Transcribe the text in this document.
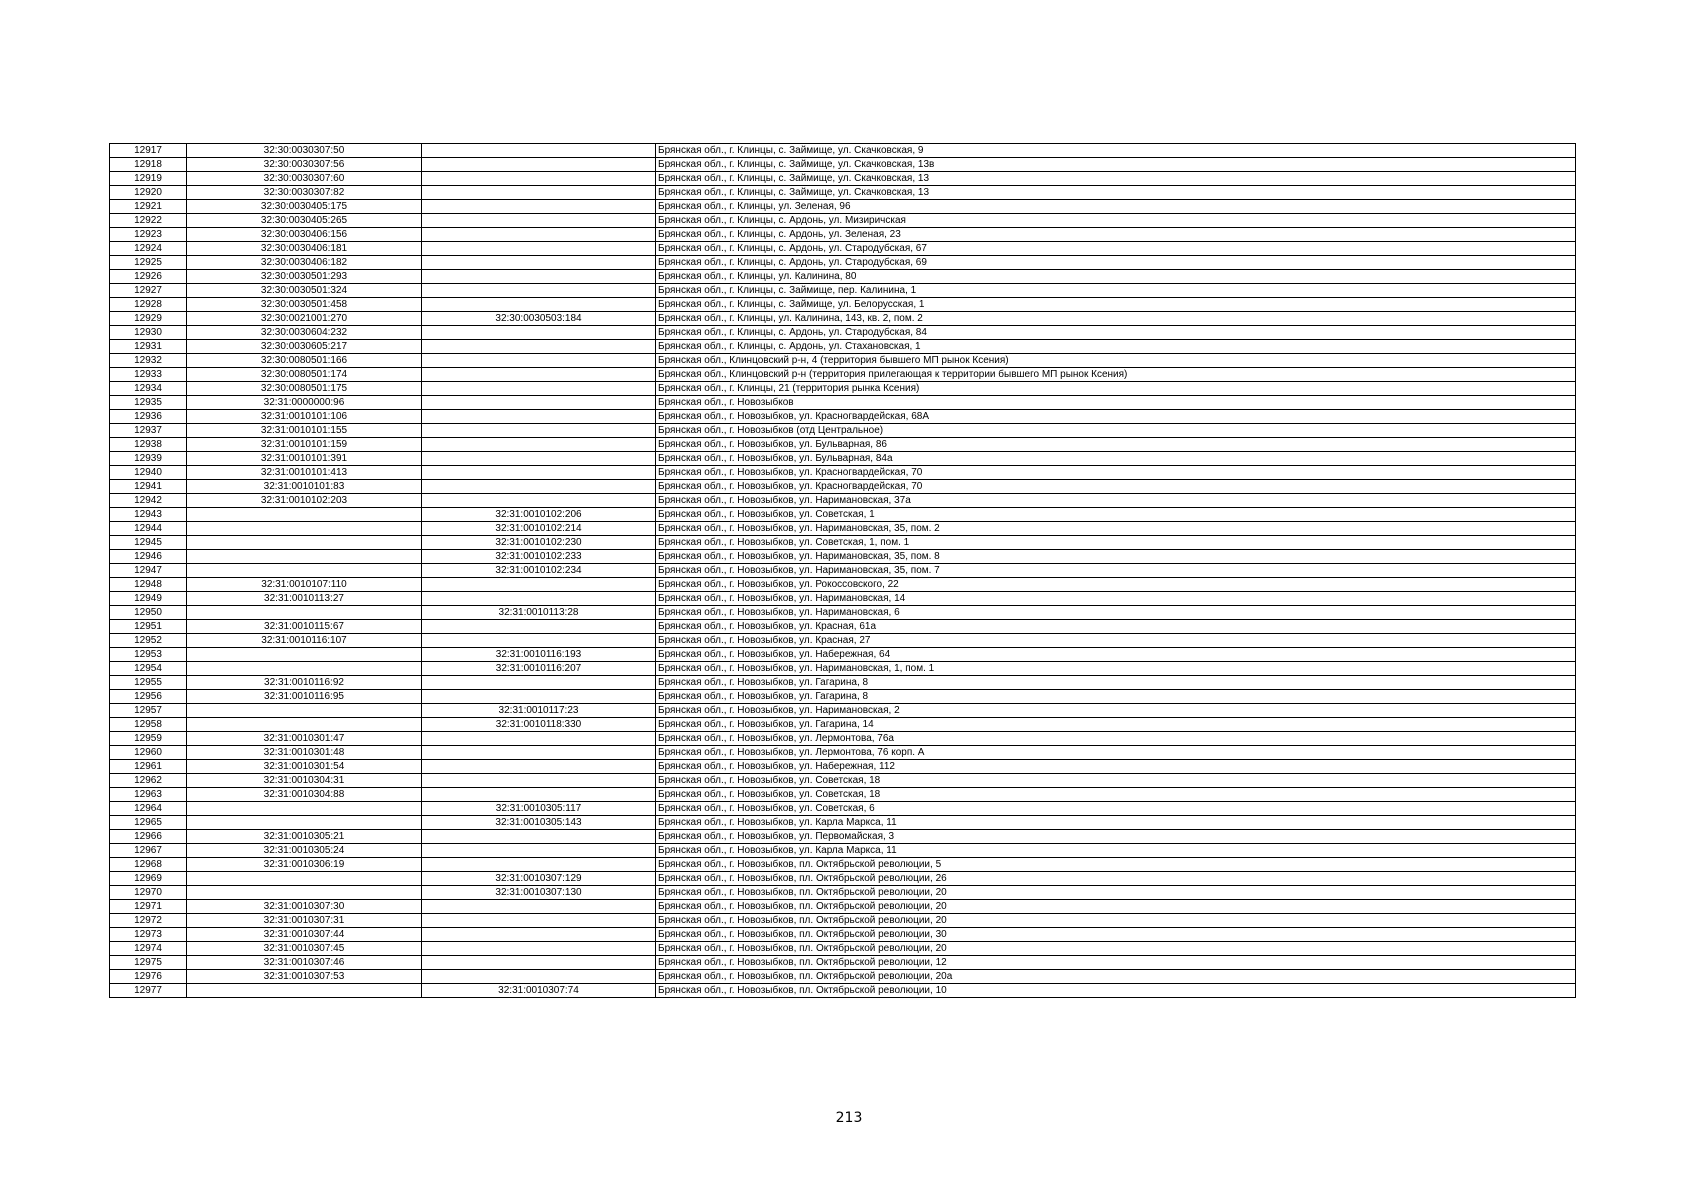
12917	32:30:0030307:50		Брянская обл., г. Клинцы, с. Займище, ул. Скачковская, 9
12918	32:30:0030307:56		Брянская обл., г. Клинцы, с. Займище, ул. Скачковская, 13в
12919	32:30:0030307:60		Брянская обл., г. Клинцы, с. Займище, ул. Скачковская, 13
12920	32:30:0030307:82		Брянская обл., г. Клинцы, с. Займище, ул. Скачковская, 13
12921	32:30:0030405:175		Брянская обл., г. Клинцы, ул. Зеленая, 96
12922	32:30:0030405:265		Брянская обл., г. Клинцы, с. Ардонь, ул. Мизиричская
12923	32:30:0030406:156		Брянская обл., г. Клинцы, с. Ардонь, ул. Зеленая, 23
12924	32:30:0030406:181		Брянская обл., г. Клинцы, с. Ардонь, ул. Стародубская, 67
12925	32:30:0030406:182		Брянская обл., г. Клинцы, с. Ардонь, ул. Стародубская, 69
12926	32:30:0030501:293		Брянская обл., г. Клинцы, ул. Калинина, 80
12927	32:30:0030501:324		Брянская обл., г. Клинцы, с. Займище, пер. Калинина, 1
12928	32:30:0030501:458		Брянская обл., г. Клинцы, с. Займище, ул. Белорусская, 1
12929	32:30:0021001:270	32:30:0030503:184	Брянская обл., г. Клинцы, ул. Калинина, 143, кв. 2, пом. 2
12930	32:30:0030604:232		Брянская обл., г. Клинцы, с. Ардонь, ул. Стародубская, 84
12931	32:30:0030605:217		Брянская обл., г. Клинцы, с. Ардонь, ул. Стахановская, 1
12932	32:30:0080501:166		Брянская обл., Клинцовский р-н, 4 (территория бывшего МП рынок Ксения)
12933	32:30:0080501:174		Брянская обл., Клинцовский р-н (территория прилегающая к территории бывшего МП рынок Ксения)
12934	32:30:0080501:175		Брянская обл., г. Клинцы, 21 (территория рынка Ксения)
12935	32:31:0000000:96		Брянская обл., г. Новозыбков
12936	32:31:0010101:106		Брянская обл., г. Новозыбков, ул. Красногвардейская, 68А
12937	32:31:0010101:155		Брянская обл., г. Новозыбков (отд Центральное)
12938	32:31:0010101:159		Брянская обл., г. Новозыбков, ул. Бульварная, 86
12939	32:31:0010101:391		Брянская обл., г. Новозыбков, ул. Бульварная, 84а
12940	32:31:0010101:413		Брянская обл., г. Новозыбков, ул. Красногвардейская, 70
12941	32:31:0010101:83		Брянская обл., г. Новозыбков, ул. Красногвардейская, 70
12942	32:31:0010102:203		Брянская обл., г. Новозыбков, ул. Наримановская, 37а
12943		32:31:0010102:206	Брянская обл., г. Новозыбков, ул. Советская, 1
12944		32:31:0010102:214	Брянская обл., г. Новозыбков, ул. Наримановская, 35, пом. 2
12945		32:31:0010102:230	Брянская обл., г. Новозыбков, ул. Советская, 1, пом. 1
12946		32:31:0010102:233	Брянская обл., г. Новозыбков, ул. Наримановская, 35, пом. 8
12947		32:31:0010102:234	Брянская обл., г. Новозыбков, ул. Наримановская, 35, пом. 7
12948	32:31:0010107:110		Брянская обл., г. Новозыбков, ул. Рокоссовского, 22
12949	32:31:0010113:27		Брянская обл., г. Новозыбков, ул. Наримановская, 14
12950		32:31:0010113:28	Брянская обл., г. Новозыбков, ул. Наримановская, 6
12951	32:31:0010115:67		Брянская обл., г. Новозыбков, ул. Красная, 61а
12952	32:31:0010116:107		Брянская обл., г. Новозыбков, ул. Красная, 27
12953		32:31:0010116:193	Брянская обл., г. Новозыбков, ул. Набережная, 64
12954		32:31:0010116:207	Брянская обл., г. Новозыбков, ул. Наримановская, 1, пом. 1
12955	32:31:0010116:92		Брянская обл., г. Новозыбков, ул. Гагарина, 8
12956	32:31:0010116:95		Брянская обл., г. Новозыбков, ул. Гагарина, 8
12957		32:31:0010117:23	Брянская обл., г. Новозыбков, ул. Наримановская, 2
12958		32:31:0010118:330	Брянская обл., г. Новозыбков, ул. Гагарина, 14
12959	32:31:0010301:47		Брянская обл., г. Новозыбков, ул. Лермонтова, 76а
12960	32:31:0010301:48		Брянская обл., г. Новозыбков, ул. Лермонтова, 76 корп. А
12961	32:31:0010301:54		Брянская обл., г. Новозыбков, ул. Набережная, 112
12962	32:31:0010304:31		Брянская обл., г. Новозыбков, ул. Советская, 18
12963	32:31:0010304:88		Брянская обл., г. Новозыбков, ул. Советская, 18
12964		32:31:0010305:117	Брянская обл., г. Новозыбков, ул. Советская, 6
12965		32:31:0010305:143	Брянская обл., г. Новозыбков, ул. Карла Маркса, 11
12966	32:31:0010305:21		Брянская обл., г. Новозыбков, ул. Первомайская, 3
12967	32:31:0010305:24		Брянская обл., г. Новозыбков, ул. Карла Маркса, 11
12968	32:31:0010306:19		Брянская обл., г. Новозыбков, пл. Октябрьской революции, 5
12969		32:31:0010307:129	Брянская обл., г. Новозыбков, пл. Октябрьской революции, 26
12970		32:31:0010307:130	Брянская обл., г. Новозыбков, пл. Октябрьской революции, 20
12971	32:31:0010307:30		Брянская обл., г. Новозыбков, пл. Октябрьской революции, 20
12972	32:31:0010307:31		Брянская обл., г. Новозыбков, пл. Октябрьской революции, 20
12973	32:31:0010307:44		Брянская обл., г. Новозыбков, пл. Октябрьской революции, 30
12974	32:31:0010307:45		Брянская обл., г. Новозыбков, пл. Октябрьской революции, 20
12975	32:31:0010307:46		Брянская обл., г. Новозыбков, пл. Октябрьской революции, 12
12976	32:31:0010307:53		Брянская обл., г. Новозыбков, пл. Октябрьской революции, 20а
12977		32:31:0010307:74	Брянская обл., г. Новозыбков, пл. Октябрьской революции, 10
213
